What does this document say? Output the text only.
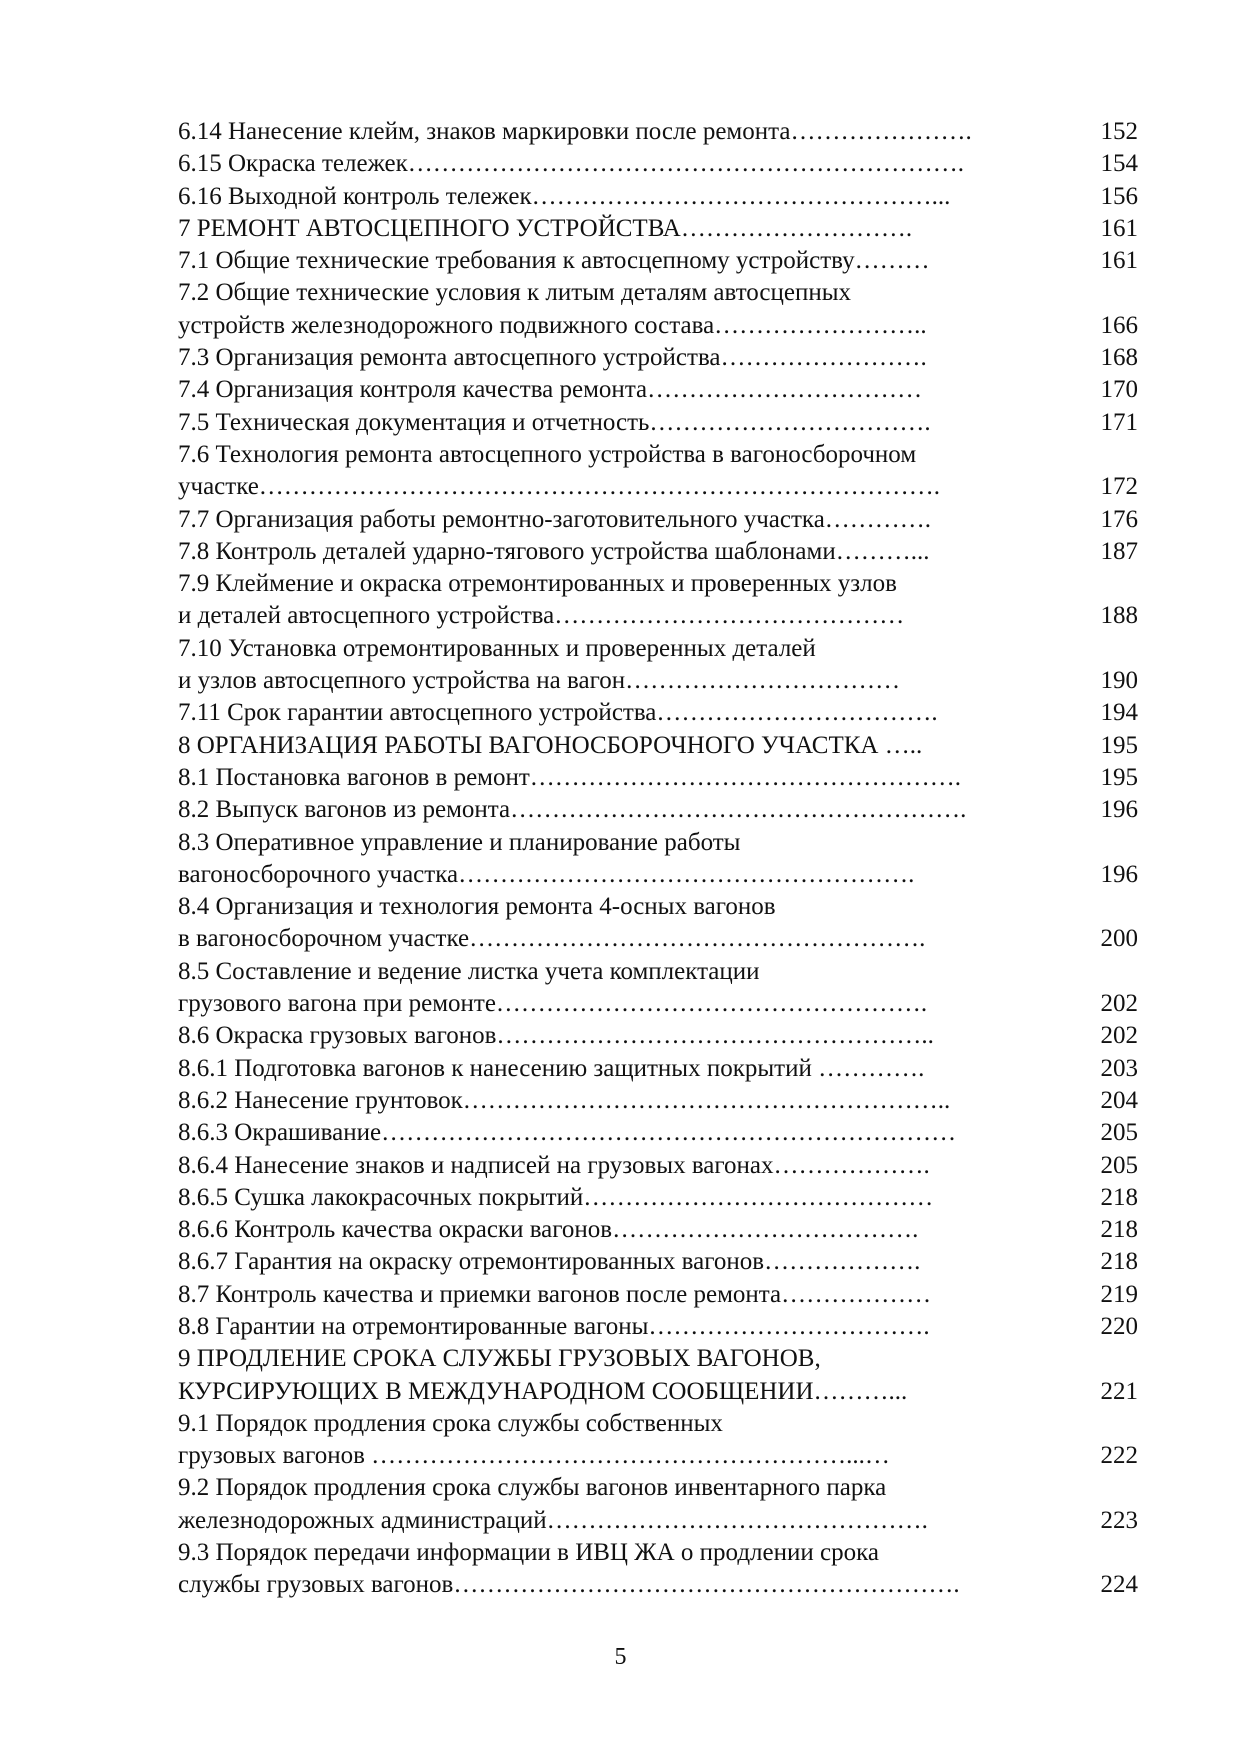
6.14 Нанесение клейм, знаков маркировки после ремонта………………….	152
6.15 Окраска тележек………………………………………………………….	154
6.16 Выходной контроль тележек…………………………………………...	156
7 РЕМОНТ АВТОСЦЕПНОГО УСТРОЙСТВА……………………….	161
7.1 Общие технические требования к автосцепному устройству………	161
7.2 Общие технические условия к литым деталям автосцепных
устройств железнодорожного подвижного состава……………………..	166
7.3 Организация ремонта автосцепного устройства…………………….	168
7.4 Организация контроля качества ремонта……………………………	170
7.5 Техническая документация и отчетность…………………………….	171
7.6 Технология ремонта автосцепного устройства в вагоносборочном
участке……………………………………………………………………….	172
7.7 Организация работы ремонтно-заготовительного участка………….	176
7.8 Контроль деталей ударно-тягового устройства шаблонами………...	187
7.9 Клеймение и окраска отремонтированных и проверенных узлов
и деталей автосцепного устройства……………………………………	188
7.10 Установка отремонтированных и проверенных деталей
и узлов автосцепного устройства на вагон……………………………	190
7.11 Срок гарантии автосцепного устройства…………………………….	194
8 ОРГАНИЗАЦИЯ РАБОТЫ ВАГОНОСБОРОЧНОГО УЧАСТКА …..	195
8.1 Постановка вагонов в ремонт…………………………………………….	195
8.2 Выпуск вагонов из ремонта……………………………………………….	196
8.3 Оперативное управление и планирование работы
вагоносборочного участка……………………………………………….	196
8.4 Организация и технология ремонта 4-осных вагонов
в вагоносборочном участке……………………………………………….	200
8.5 Составление и ведение листка учета комплектации
грузового вагона при ремонте…………………………………………….	202
8.6 Окраска грузовых вагонов……………………………………………..	202
8.6.1 Подготовка вагонов к нанесению защитных покрытий ………….	203
8.6.2 Нанесение грунтовок…………………………………………………..	204
8.6.3 Окрашивание……………………………………………………………	205
8.6.4 Нанесение знаков и надписей на грузовых вагонах……………….	205
8.6.5 Сушка лакокрасочных покрытий……………………………………	218
8.6.6 Контроль качества окраски вагонов……………………………….	218
8.6.7 Гарантия на окраску отремонтированных вагонов……………….	218
8.7 Контроль качества и приемки вагонов после ремонта………………	219
8.8 Гарантии на отремонтированные вагоны…………………………….	220
9 ПРОДЛЕНИЕ СРОКА СЛУЖБЫ ГРУЗОВЫХ ВАГОНОВ,
КУРСИРУЮЩИХ В МЕЖДУНАРОДНОМ СООБЩЕНИИ………...	221
9.1 Порядок продления срока службы собственных
грузовых вагонов …………………………………………………...…	222
9.2 Порядок продления срока службы вагонов инвентарного парка
железнодорожных администраций……………………………………….	223
9.3 Порядок передачи информации в ИВЦ ЖА о продлении срока
службы грузовых вагонов…………………………………………………….	224
5
